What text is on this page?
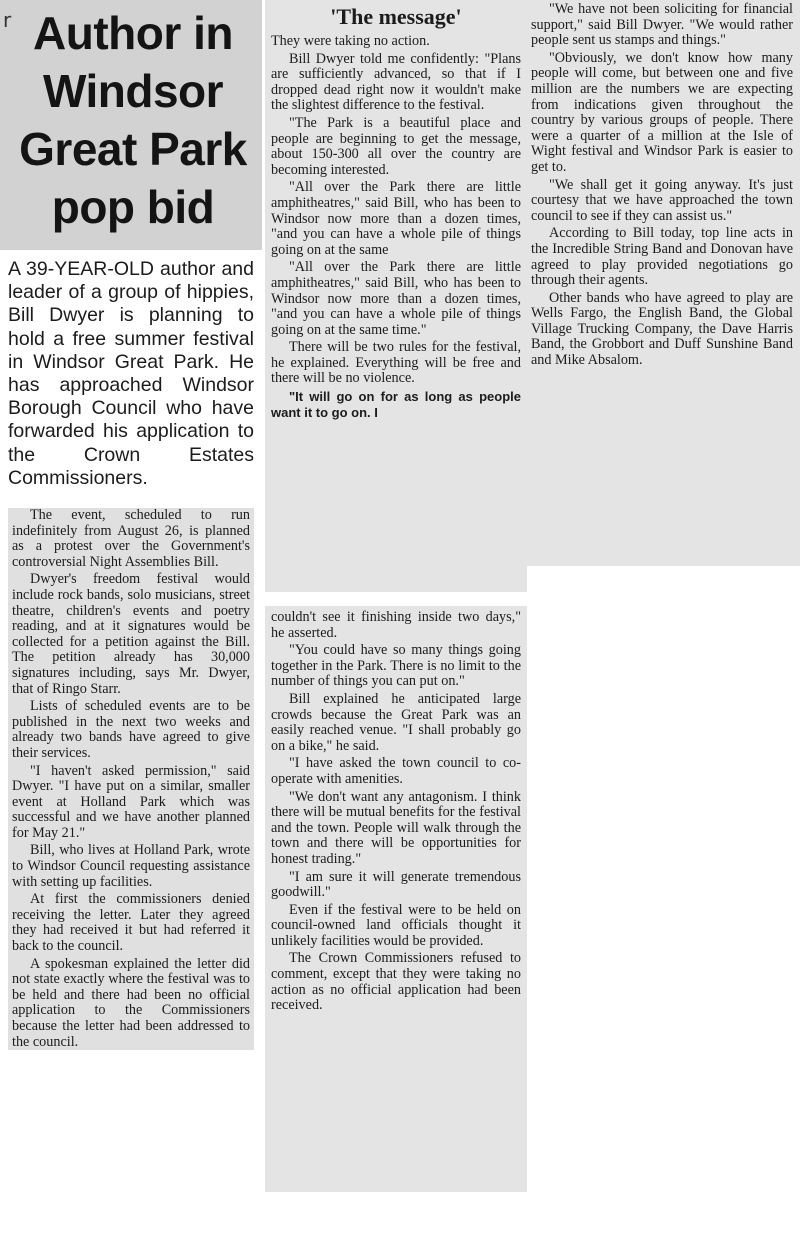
r Author in Windsor Great Park pop bid

A 39-YEAR-OLD author and leader of a group of hippies, Bill Dwyer is planning to hold a free summer festival in Windsor Great Park. He has approached Windsor Borough Council who have forwarded his application to the Crown Estates Commissioners.

The event, scheduled to run indefinitely from August 26, is planned as a protest over the Government's controversial Night Assemblies Bill.

Dwyer's freedom festival would include rock bands, solo musicians, street theatre, children's events and poetry reading, and at it signatures would be collected for a petition against the Bill. The petition already has 30,000 signatures including, says Mr. Dwyer, that of Ringo Starr.

Lists of scheduled events are to be published in the next two weeks and already two bands have agreed to give their services.

"I haven't asked permission," said Dwyer. "I have put on a similar, smaller event at Holland Park which was successful and we have another planned for May 21."

Bill, who lives at Holland Park, wrote to Windsor Council requesting assistance with setting up facilities.

At first the commissioners denied receiving the letter. Later they agreed they had received it but had referred it back to the council.

A spokesman explained the letter did not state exactly where the festival was to be held and there had been no official application to the Commissioners because the letter had been addressed to the council.

'The message'

They were taking no action.

Bill Dwyer told me confidently: "Plans are sufficiently advanced, so that if I dropped dead right now it wouldn't make the slightest difference to the festival.

"The Park is a beautiful place and people are beginning to get the message, about 150-300 all over the country are becoming interested.

"All over the Park there are little amphitheatres," said Bill, who has been to Windsor now more than a dozen times, "and you can have a whole pile of things going on at the same

"All over the Park there are little amphitheatres," said Bill, who has been to Windsor now more than a dozen times, "and you can have a whole pile of things going on at the same time."

There will be two rules for the festival, he explained. Everything will be free and there will be no violence.

"It will go on for as long as people want it to go on. I

couldn't see it finishing inside two days," he asserted.

"You could have so many things going together in the Park. There is no limit to the number of things you can put on."

Bill explained he anticipated large crowds because the Great Park was an easily reached venue. "I shall probably go on a bike," he said.

"I have asked the town council to co-operate with amenities.

"We don't want any antagonism. I think there will be mutual benefits for the festival and the town. People will walk through the town and there will be opportunities for honest trading."

"I am sure it will generate tremendous goodwill."

Even if the festival were to be held on council-owned land officials thought it unlikely facilities would be provided.

The Crown Commissioners refused to comment, except that they were taking no action as no official application had been received.

"We have not been soliciting for financial support," said Bill Dwyer. "We would rather people sent us stamps and things."

"Obviously, we don't know how many people will come, but between one and five million are the numbers we are expecting from indications given throughout the country by various groups of people. There were a quarter of a million at the Isle of Wight festival and Windsor Park is easier to get to.

"We shall get it going anyway. It's just courtesy that we have approached the town council to see if they can assist us."

According to Bill today, top line acts in the Incredible String Band and Donovan have agreed to play provided negotiations go through their agents.

Other bands who have agreed to play are Wells Fargo, the English Band, the Global Village Trucking Company, the Dave Harris Band, the Grobbort and Duff Sunshine Band and Mike Absalom.
